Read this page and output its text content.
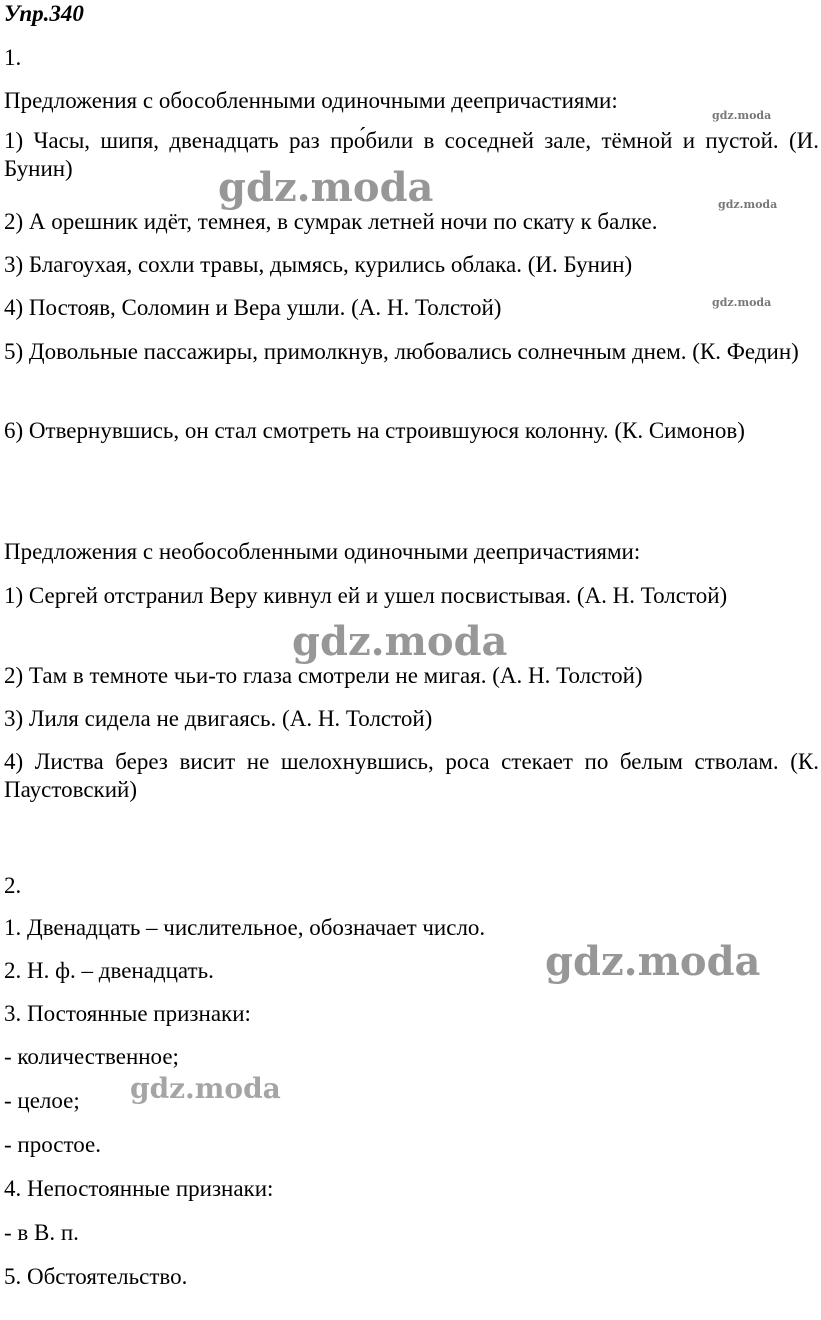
Упр.340
1.
Предложения с обособленными одиночными деепричастиями:
1) Часы, шипя, двенадцать раз про́били в соседней зале, тёмной и пустой. (И. Бунин)
2) А орешник идёт, темнея, в сумрак летней ночи по скату к балке.
3) Благоухая, сохли травы, дымясь, курились облака. (И. Бунин)
4) Постояв, Соломин и Вера ушли. (А. Н. Толстой)
5) Довольные пассажиры, примолкнув, любовались солнечным днем. (К. Федин)
6) Отвернувшись, он стал смотреть на строившуюся колонну. (К. Симонов)
Предложения с необособленными одиночными деепричастиями:
1) Сергей отстранил Веру кивнул ей и ушел посвистывая. (А. Н. Толстой)
2) Там в темноте чьи-то глаза смотрели не мигая. (А. Н. Толстой)
3) Лиля сидела не двигаясь. (А. Н. Толстой)
4) Листва берез висит не шелохнувшись, роса стекает по белым стволам. (К. Паустовский)
2.
1. Двенадцать – числительное, обозначает число.
2. Н. ф. – двенадцать.
3. Постоянные признаки:
- количественное;
- целое;
- простое.
4. Непостоянные признаки:
- в В. п.
5. Обстоятельство.
gdz.moda
gdz.moda	gdz.moda
gdz.moda
gdz.moda
gdz.moda
gdz.moda
